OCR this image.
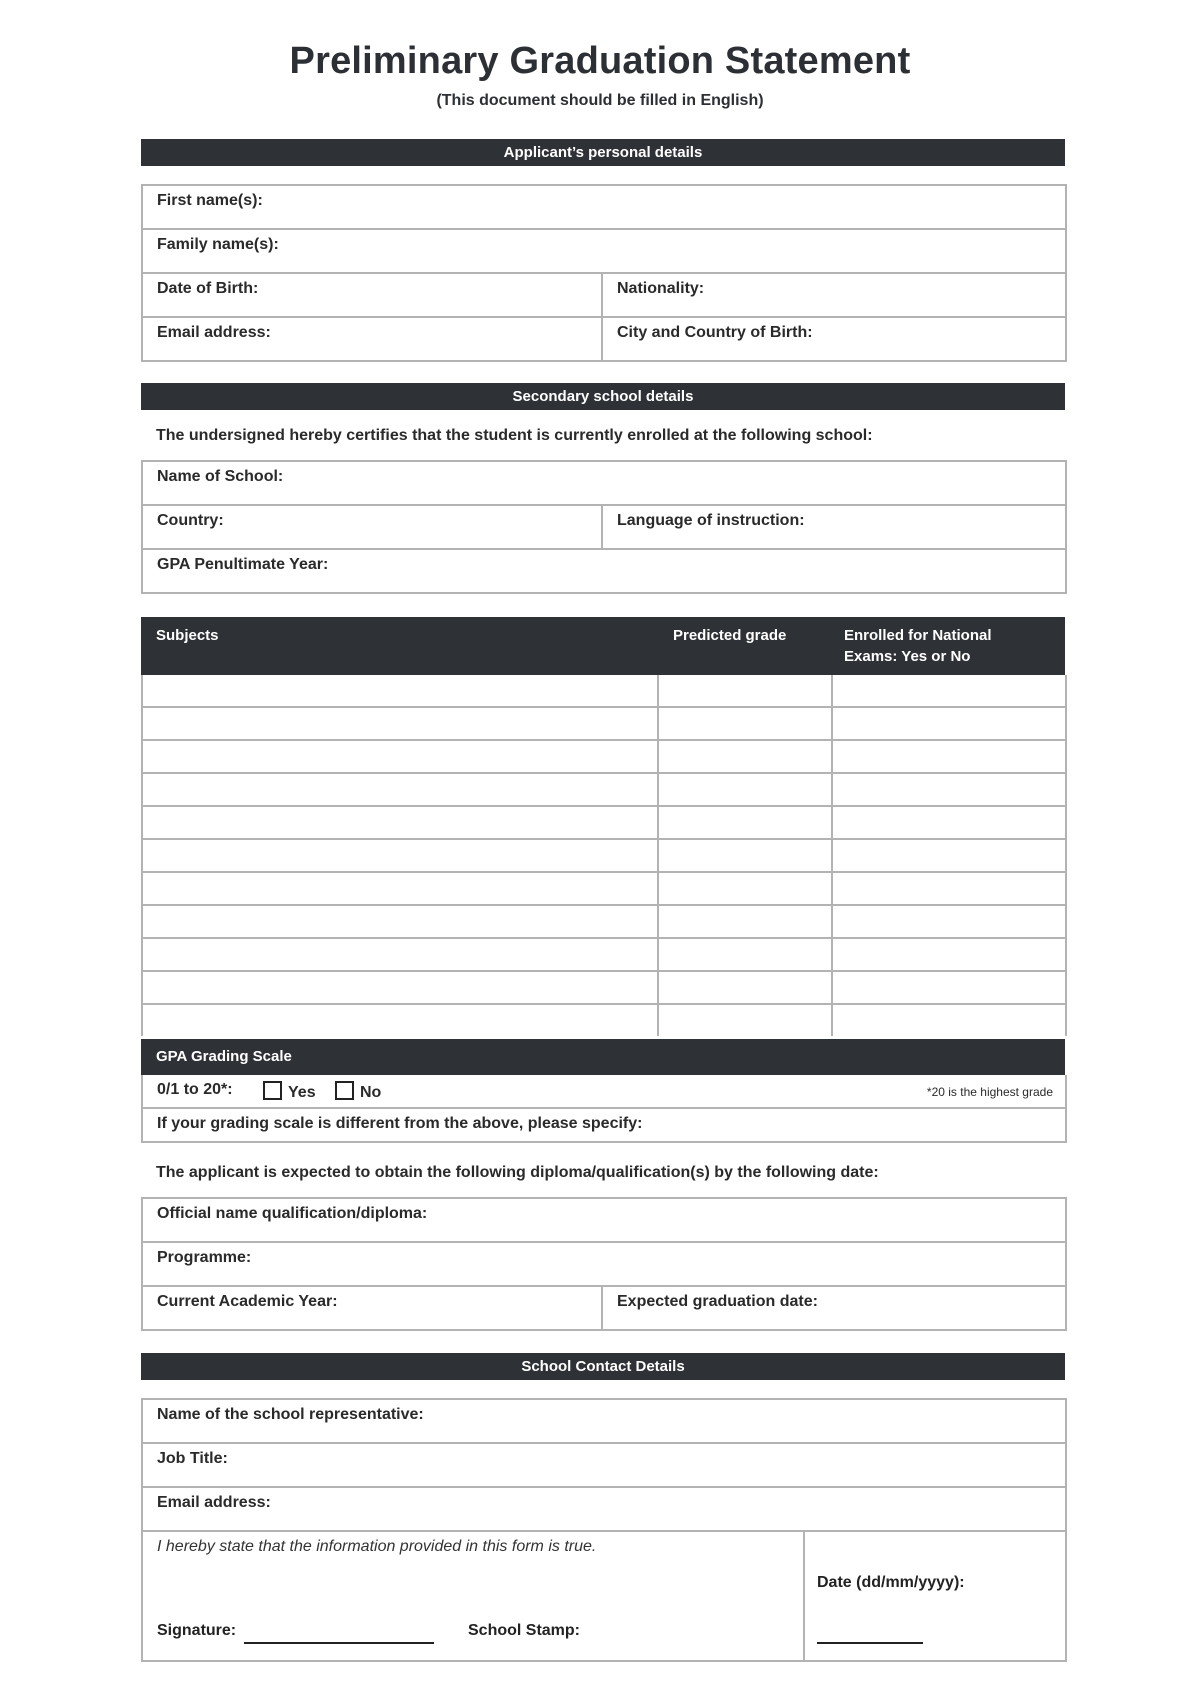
Preliminary Graduation Statement
(This document should be filled in English)
Applicant’s personal details
First name(s):
Family name(s):
Date of Birth:	Nationality:
Email address:	City and Country of Birth:
Secondary school details
The undersigned hereby certifies that the student is currently enrolled at the following school:
Name of School:
Country:	Language of instruction:
GPA Penultimate Year:
Subjects	Predicted grade	Enrolled for National
Exams: Yes or No
GPA Grading Scale
0/1 to 20*:	Yes	No	*20 is the highest grade
If your grading scale is different from the above, please specify:
The applicant is expected to obtain the following diploma/qualification(s) by the following date:
Official name qualification/diploma:
Programme:
Current Academic Year:	Expected graduation date:
School Contact Details
Name of the school representative:
Job Title:
Email address:
I hereby state that the information provided in this form is true.
Signature:	School Stamp:
Date (dd/mm/yyyy):
